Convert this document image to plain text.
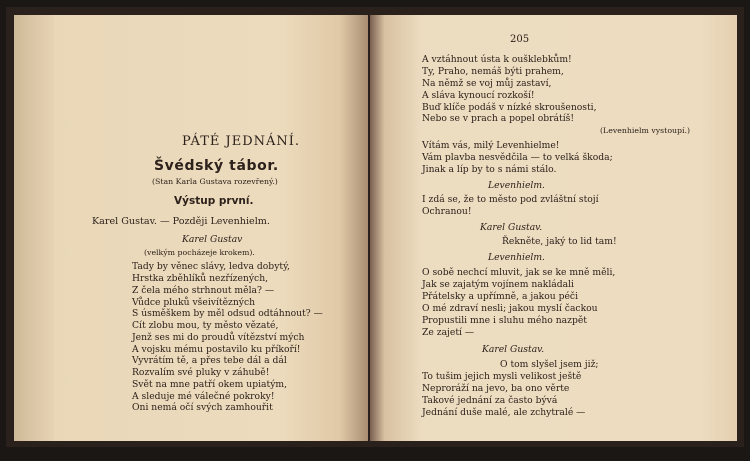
PÁTÉ JEDNÁNÍ.
Švédský tábor.
(Stan Karla Gustava rozevřený.)
Výstup první.
Karel Gustav. — Později Levenhielm.
Karel Gustav
(velkým pocházeje krokem).
Tady by věnec slávy, ledva dobytý,
Hrstka zběhlíků nezřízených,
Z čela mého strhnout měla? —
Vůdce pluků všeivítězných
S úsměškem by měl odsud odtáhnout? —
Cít zlobu mou, ty město vězaté,
Jenž ses mi do proudů vítězství mých
A vojsku mému postavilo ku příkoří!
Vyvrátím tě, a přes tebe dál a dál
Rozvalím své pluky v záhubě!
Svět na mne patří okem upiatým,
A sleduje mé válečné pokroky!
Oni nemá očí svých zamhouřit
205
A vztáhnout ústa k oušklebkům!
Ty, Praho, nemáš býti prahem,
Na němž se voj můj zastaví,
A sláva kynoucí rozkoší!
Buď klíče podáš v nízké skroušenosti,
Nebo se v prach a popel obrátíš!
(Levenhielm vystoupí.)
Vítám vás, milý Levenhielme!
Vám plavba nesvědčila — to velká škoda;
Jinak a líp by to s námi stálo.
Levenhielm.
I zdá se, že to město pod zvláštní stojí
Ochranou!
Karel Gustav.
Řekněte, jaký to lid tam!
Levenhielm.
O sobě nechcí mluvit, jak se ke mně měli,
Jak se zajatým vojínem nakládali
Přátelsky a upřímně, a jakou péči
O mé zdraví nesli; jakou myslí čackou
Propustili mne i sluhu mého nazpět
Ze zajetí —
Karel Gustav.
O tom slyšel jsem již;
To tušim jejich mysli velikost ještě
Neproráží na jevo, ba ono věrte
Takové jednání za často bývá
Jednání duše malé, ale zchytralé —
